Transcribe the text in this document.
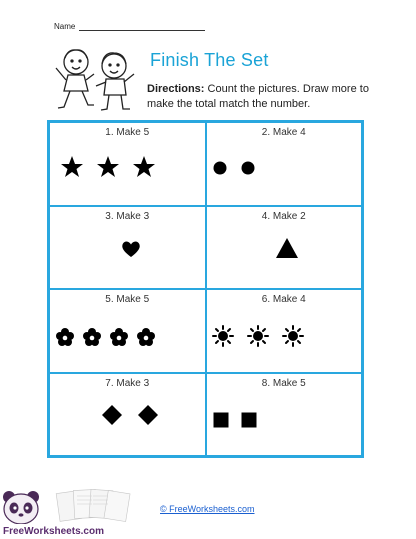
Name
Finish The Set
Directions: Count the pictures. Draw more to make the total match the number.
1. Make 5	2. Make 4
3. Make 3	4. Make 2
5. Make 5	6. Make 4
7. Make 3	8. Make 5
FreeWorksheets.com
© FreeWorksheets.com
